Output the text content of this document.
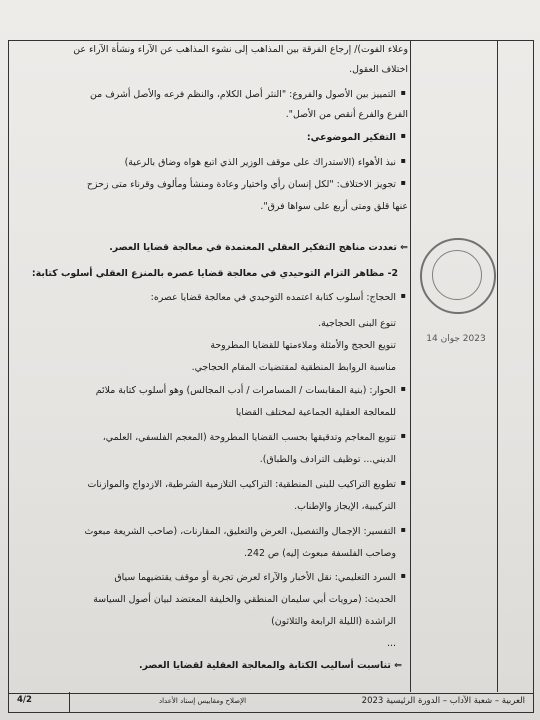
وعلاء الفوت)/ إرجاع الفرقة بين المذاهب إلى نشوء المذاهب عن الآراء ونشأة الآراء عن
اختلاف العقول.
التمييز بين الأصول والفروع: "النثر أصل الكلام، والنظم فرعه والأصل أشرف من ▪
الفرع والفرع أنقص من الأصل".
التفكير الموضوعي: ▪
نبذ الأهواء (الاستدراك على موقف الوزير الذي اتبع هواه وضاق بالرعية) ▪
تجويز الاختلاف: "لكل إنسان رأي واختيار وعادة ومنشأ ومألوف وقرناء متى زحزح ▪
عنها قلق ومتى أربع على سواها فرق".
⇐ تعددت مناهج التفكير العقلي المعتمدة في معالجة قضايا العصر.
2- مظاهر التزام التوحيدي في معالجة قضايا عصره بالمنزع العقلي أسلوب كتابة:
الحجاج: أسلوب كتابة اعتمده التوحيدي في معالجة قضايا عصره: ▪
تنوع البنى الحجاجية.
تنويع الحجج والأمثلة وملاءمتها للقضايا المطروحة
مناسبة الروابط المنطقية لمقتضيات المقام الحجاجي.
الحوار: (بنية المقابسات / المسامرات / أدب المجالس) وهو أسلوب كتابة ملائم ▪
للمعالجة العقلية الجماعية لمختلف القضايا
تنويع المعاجم وتدقيقها بحسب القضايا المطروحة (المعجم الفلسفي، العلمي، ▪
الديني... توظيف الترادف والطباق).
تطويع التراكيب للبنى المنطقية: التراكيب التلازمية الشرطية، الازدواج والموازنات ▪
التركيبية، الإيجاز والإطناب.
التفسير: الإجمال والتفصيل، العرض والتعليق، المقارنات، (صاحب الشريعة مبعوث ▪
وصاحب الفلسفة مبعوث إليه) ص 242.
السرد التعليمي: نقل الأخبار والآراء لعرض تجربة أو موقف يقتضيهما سياق ▪
الحديث: (مرويات أبي سليمان المنطقي والخليفة المعتضد لبيان أصول السياسة
الراشدة (الليلة الرابعة والثلاثون)
...
⇐ تناسبت أساليب الكتابة والمعالجة العقلية لقضايا العصر.
2023 جوان 14
العربية – شعبة الآداب – الدورة الرئيسية 2023
الإصلاح ومقاييس إسناد الأعداد
4/2
